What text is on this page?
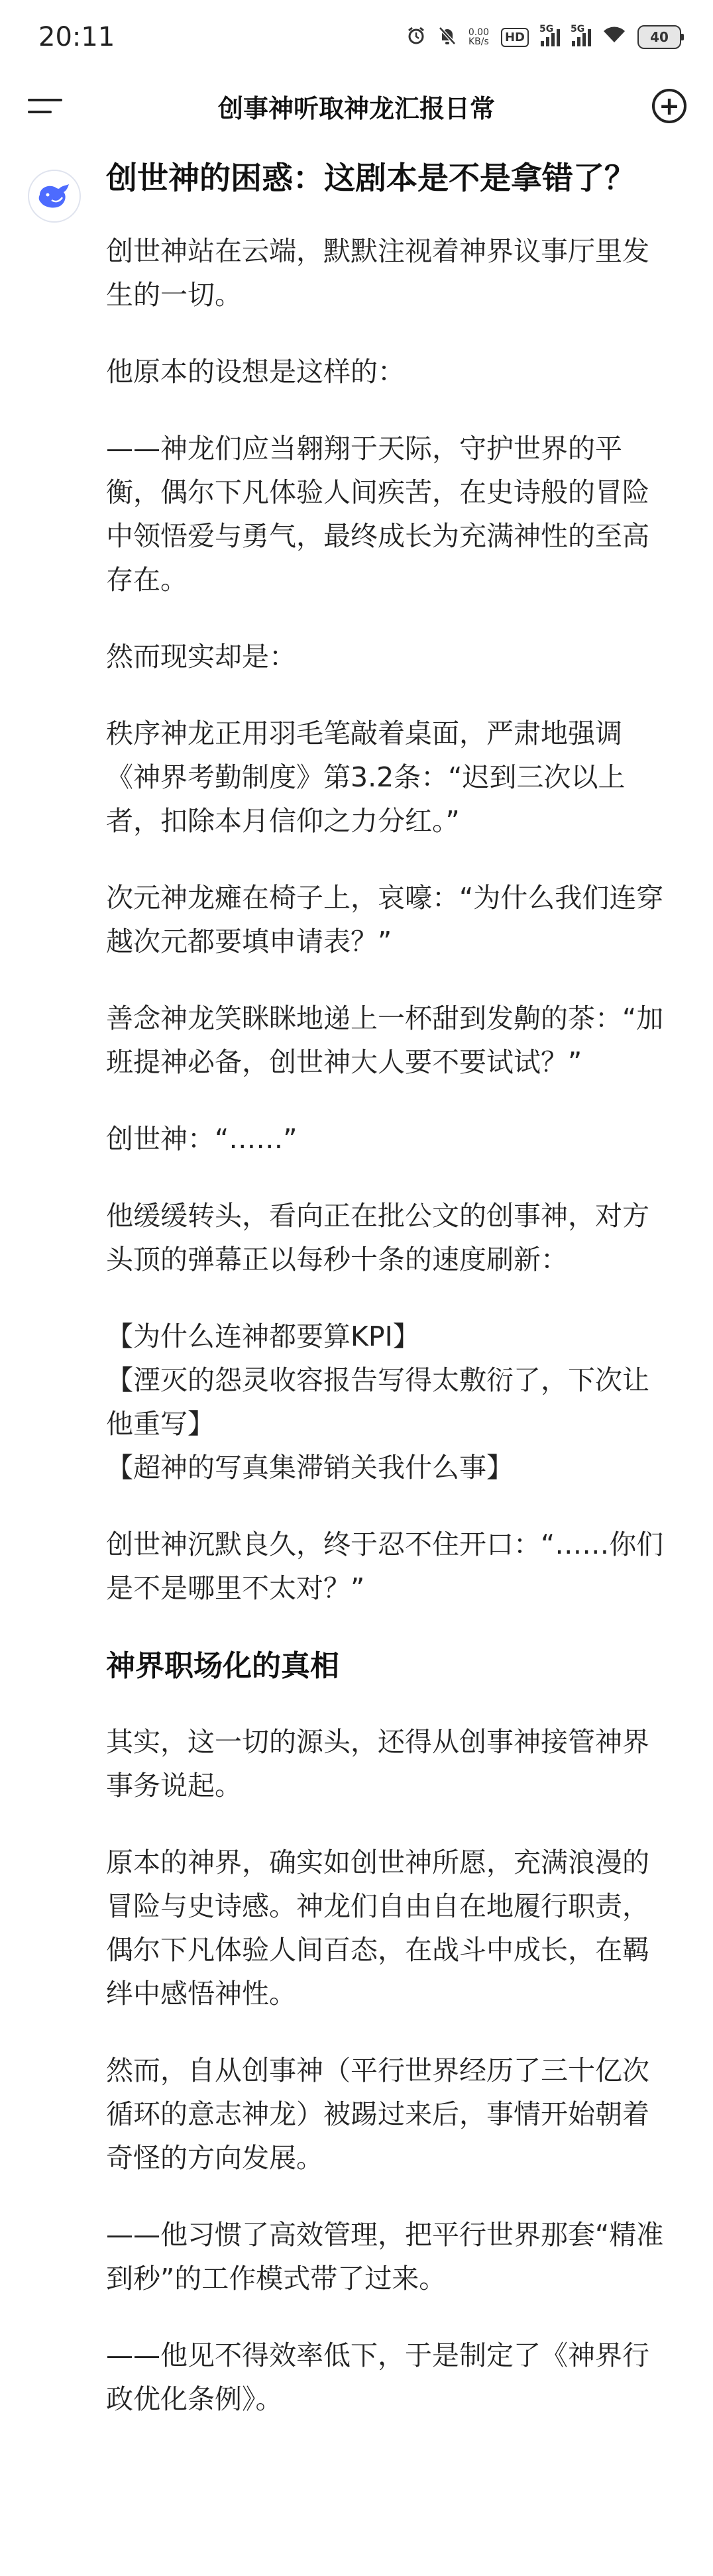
20:11	0.00
KB/s	HD
5G 5G	40
创事神听取神龙汇报日常	+
创世神的困惑：这剧本是不是拿错了？
创世神站在云端，默默注视着神界议事厅里发生的一切。
他原本的设想是这样的：
——神龙们应当翱翔于天际，守护世界的平衡，偶尔下凡体验人间疾苦，在史诗般的冒险中领悟爱与勇气，最终成长为充满神性的至高存在。
然而现实却是：
秩序神龙正用羽毛笔敲着桌面，严肃地强调《神界考勤制度》第3.2条：“迟到三次以上者，扣除本月信仰之力分红。”
次元神龙瘫在椅子上，哀嚎：“为什么我们连穿越次元都要填申请表？”
善念神龙笑眯眯地递上一杯甜到发齁的茶：“加班提神必备，创世神大人要不要试试？”
创世神：“……”
他缓缓转头，看向正在批公文的创事神，对方头顶的弹幕正以每秒十条的速度刷新：
【为什么连神都要算KPI】
【湮灭的怨灵收容报告写得太敷衍了，下次让他重写】
【超神的写真集滞销关我什么事】
创世神沉默良久，终于忍不住开口：“……你们是不是哪里不太对？”
神界职场化的真相
其实，这一切的源头，还得从创事神接管神界事务说起。
原本的神界，确实如创世神所愿，充满浪漫的冒险与史诗感。神龙们自由自在地履行职责，偶尔下凡体验人间百态，在战斗中成长，在羁绊中感悟神性。
然而，自从创事神（平行世界经历了三十亿次循环的意志神龙）被踢过来后，事情开始朝着奇怪的方向发展。
——他习惯了高效管理，把平行世界那套“精准到秒”的工作模式带了过来。
——他见不得效率低下，于是制定了《神界行政优化条例》。
